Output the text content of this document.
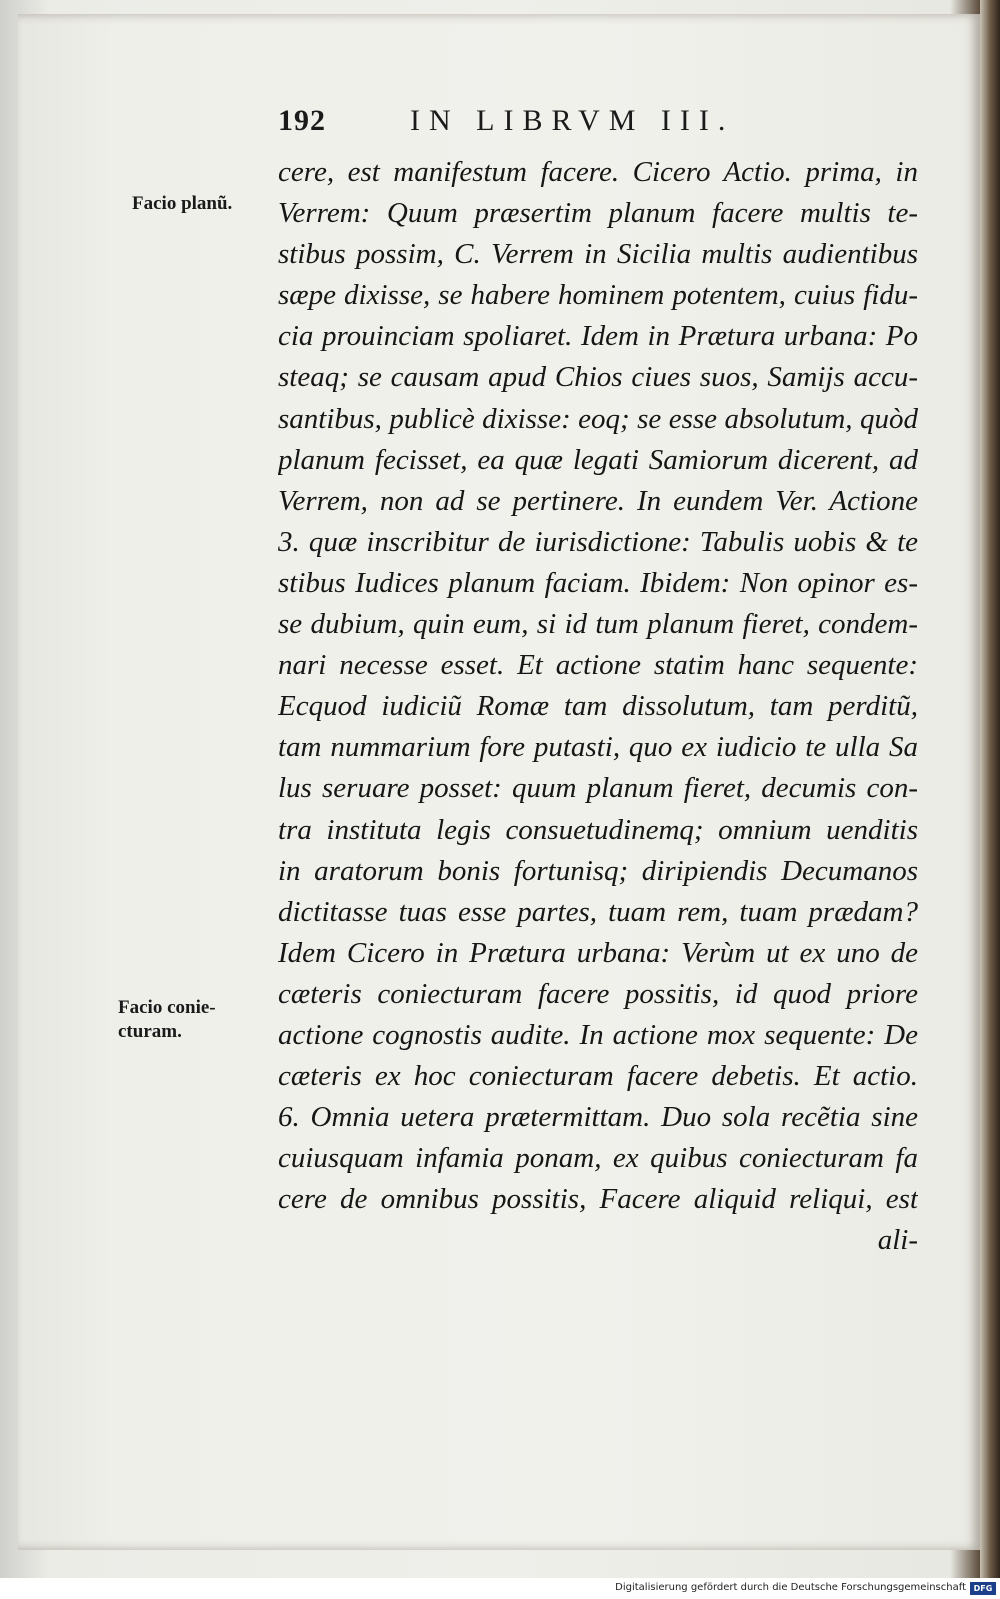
192	IN LIBRVM III.
Facio planũ.
Facio conie-
cturam.
cere, est manifestum facere. Cicero Actio. prima, in
Verrem: Quum præsertim planum facere multis te-
stibus possim, C. Verrem in Sicilia multis audientibus
sæpe dixisse, se habere hominem potentem, cuius fidu-
cia prouinciam spoliaret. Idem in Prætura urbana: Po
steaq; se causam apud Chios ciues suos, Samijs accu-
santibus, publicè dixisse: eoq; se esse absolutum, quòd
planum fecisset, ea quæ legati Samiorum dicerent, ad
Verrem, non ad se pertinere. In eundem Ver. Actione
3. quæ inscribitur de iurisdictione: Tabulis uobis & te
stibus Iudices planum faciam. Ibidem: Non opinor es-
se dubium, quin eum, si id tum planum fieret, condem-
nari necesse esset. Et actione statim hanc sequente:
Ecquod iudiciũ Romæ tam dissolutum, tam perditũ,
tam nummarium fore putasti, quo ex iudicio te ulla Sa
lus seruare posset: quum planum fieret, decumis con-
tra instituta legis consuetudinemq; omnium uenditis
in aratorum bonis fortunisq; diripiendis Decumanos
dictitasse tuas esse partes, tuam rem, tuam prædam?
Idem Cicero in Prætura urbana: Verùm ut ex uno de
cæteris coniecturam facere possitis, id quod priore
actione cognostis audite. In actione mox sequente: De
cæteris ex hoc coniecturam facere debetis. Et actio.
6. Omnia uetera prætermittam. Duo sola recẽtia sine
cuiusquam infamia ponam, ex quibus coniecturam fa
cere de omnibus possitis, Facere aliquid reliqui, est
ali-
Digitalisierung gefördert durch die Deutsche Forschungsgemeinschaft DFG
